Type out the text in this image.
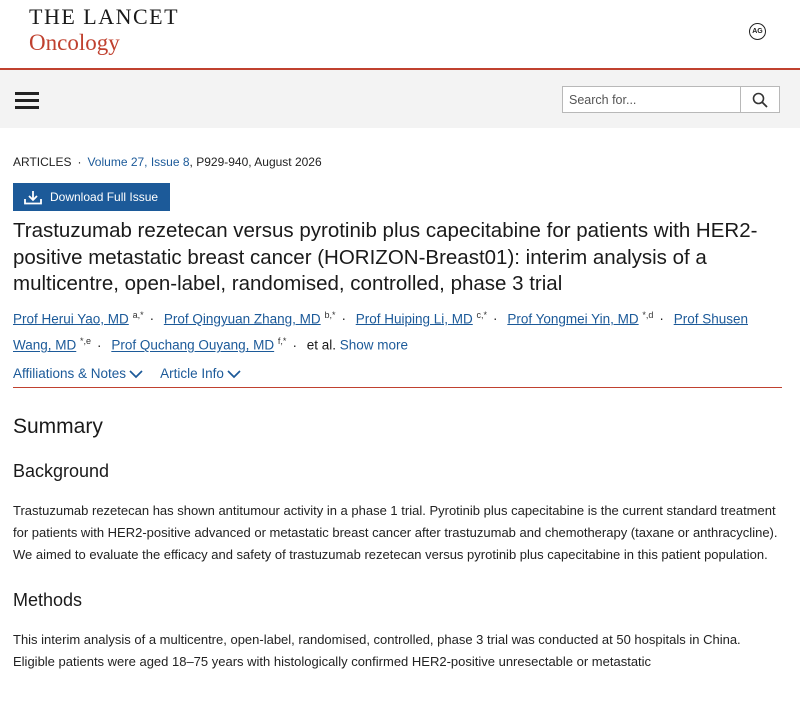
THE LANCET
Oncology	AG
Search for...
ARTICLES · Volume 27, Issue 8, P929-940, August 2026
Download Full Issue
Trastuzumab rezetecan versus pyrotinib plus capecitabine for patients with HER2-positive metastatic breast cancer (HORIZON-Breast01): interim analysis of a multicentre, open-label, randomised, controlled, phase 3 trial
Prof Herui Yao, MD $^{a,*}$ · Prof Qingyuan Zhang, MD $^{b,*}$ · Prof Huiping Li, MD $^{c,*}$ · Prof Yongmei Yin, MD $^{*,d}$ · Prof Shusen Wang, MD $^{*,e}$ · Prof Quchang Ouyang, MD $^{f,*}$ · et al. Show more
Affiliations & Notes	Article Info
Summary
Background

Trastuzumab rezetecan has shown antitumour activity in a phase 1 trial. Pyrotinib plus capecitabine is the current standard treatment for patients with HER2-positive advanced or metastatic breast cancer after trastuzumab and chemotherapy (taxane or anthracycline). We aimed to evaluate the efficacy and safety of trastuzumab rezetecan versus pyrotinib plus capecitabine in this patient population.

Methods

This interim analysis of a multicentre, open-label, randomised, controlled, phase 3 trial was conducted at 50 hospitals in China. Eligible patients were aged 18–75 years with histologically confirmed HER2-positive unresectable or metastatic
